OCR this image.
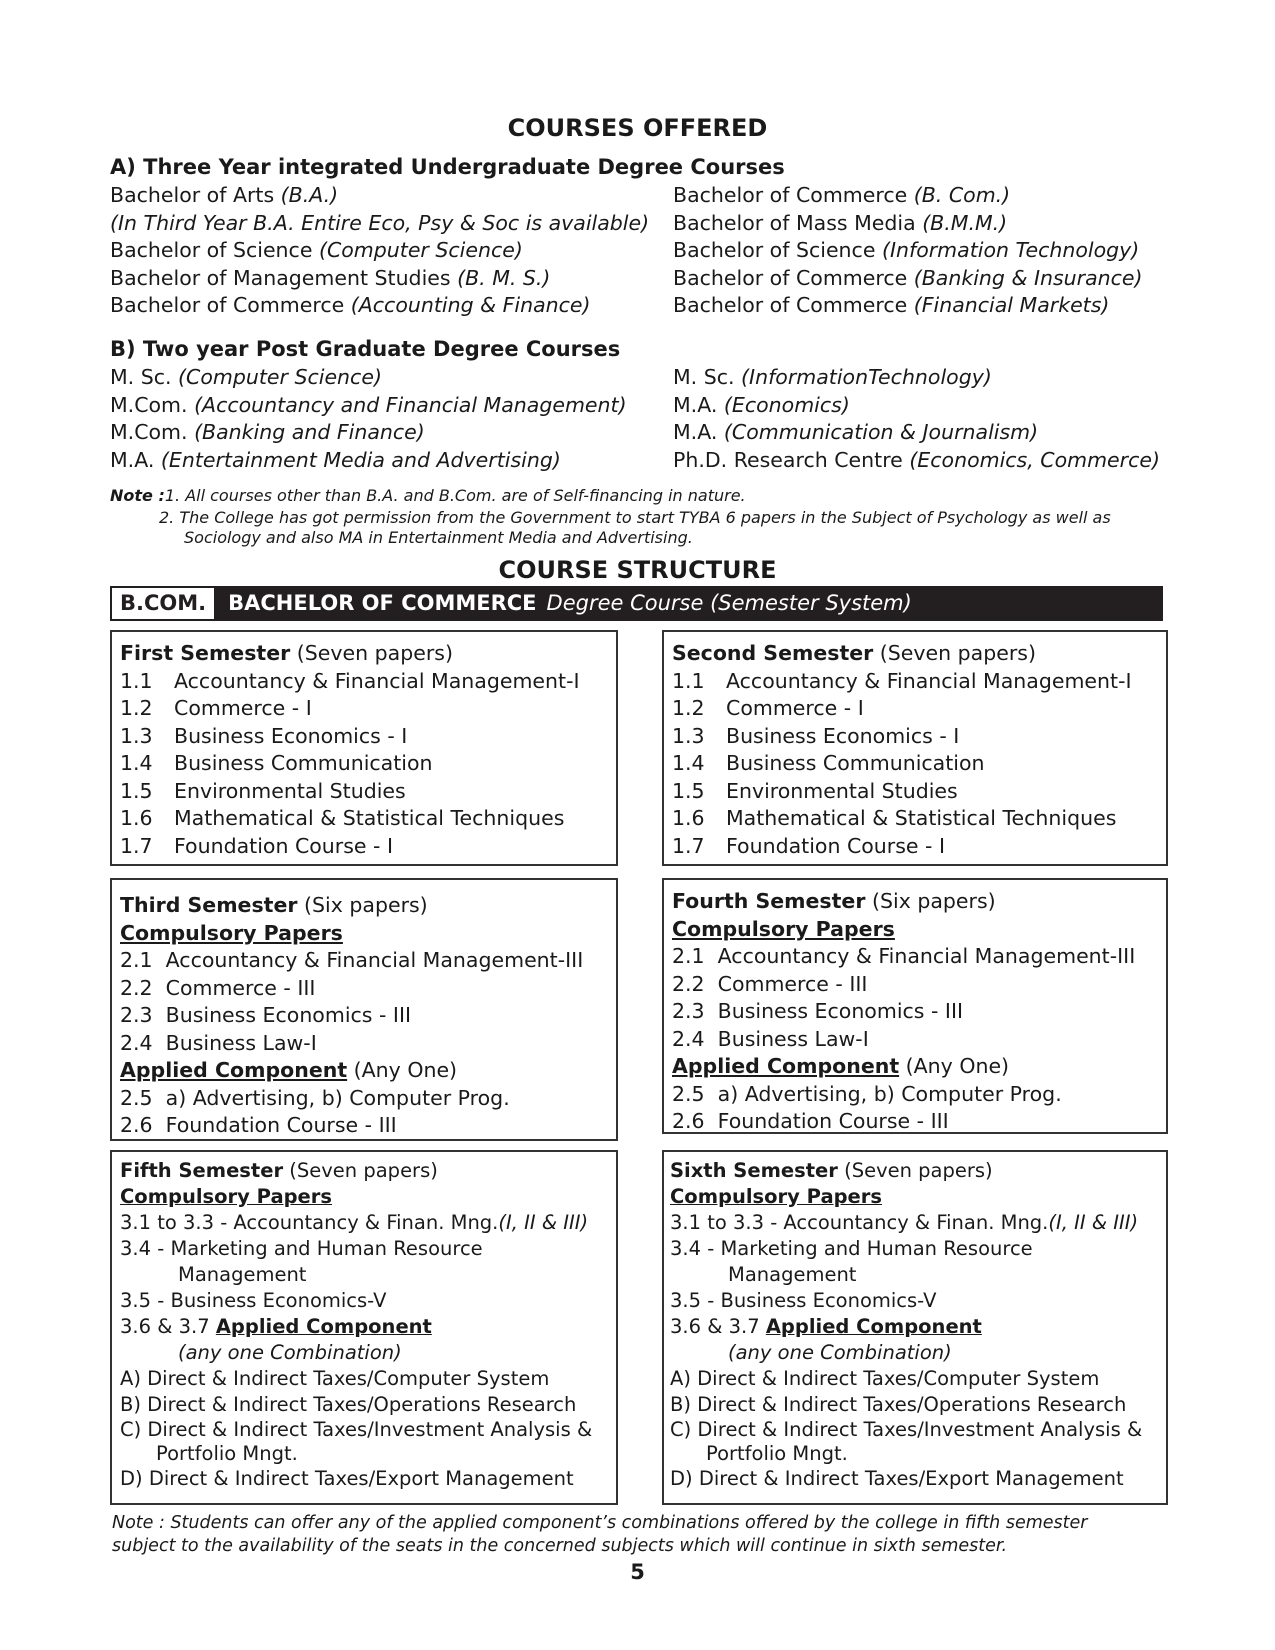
COURSES OFFERED
A) Three Year integrated Undergraduate Degree Courses
Bachelor of Arts (B.A.)
(In Third Year B.A. Entire Eco, Psy & Soc is available)
Bachelor of Science (Computer Science)
Bachelor of Management Studies (B. M. S.)
Bachelor of Commerce (Accounting & Finance)
Bachelor of Commerce (B. Com.)
Bachelor of Mass Media (B.M.M.)
Bachelor of Science (Information Technology)
Bachelor of Commerce (Banking & Insurance)
Bachelor of Commerce (Financial Markets)
B) Two year Post Graduate Degree Courses
M. Sc. (Computer Science)
M.Com. (Accountancy and Financial Management)
M.Com. (Banking and Finance)
M.A. (Entertainment Media and Advertising)
M. Sc. (InformationTechnology)
M.A. (Economics)
M.A. (Communication & Journalism)
Ph.D. Research Centre (Economics, Commerce)
Note :1. All courses other than B.A. and B.Com. are of Self-financing in nature.
2. The College has got permission from the Government to start TYBA 6 papers in the Subject of Psychology as well as
Sociology and also MA in Entertainment Media and Advertising.
COURSE STRUCTURE
B.COM. BACHELOR OF COMMERCE Degree Course (Semester System)
First Semester (Seven papers)
1.1 Accountancy & Financial Management-I
1.2 Commerce - I
1.3 Business Economics - I
1.4 Business Communication
1.5 Environmental Studies
1.6 Mathematical & Statistical Techniques
1.7 Foundation Course - I
Second Semester (Seven papers)
1.1 Accountancy & Financial Management-I
1.2 Commerce - I
1.3 Business Economics - I
1.4 Business Communication
1.5 Environmental Studies
1.6 Mathematical & Statistical Techniques
1.7 Foundation Course - I
Third Semester (Six papers)
Compulsory Papers
2.1  Accountancy & Financial Management-III
2.2  Commerce - III
2.3  Business Economics - III
2.4  Business Law-I
Applied Component (Any One)
2.5  a) Advertising, b) Computer Prog.
2.6  Foundation Course - III
Fourth Semester (Six papers)
Compulsory Papers
2.1  Accountancy & Financial Management-III
2.2  Commerce - III
2.3  Business Economics - III
2.4  Business Law-I
Applied Component (Any One)
2.5  a) Advertising, b) Computer Prog.
2.6  Foundation Course - III
Fifth Semester (Seven papers)
Compulsory Papers
3.1 to 3.3 - Accountancy & Finan. Mng.(I, II & III)
3.4 - Marketing and Human Resource
Management
3.5 - Business Economics-V
3.6 & 3.7 Applied Component
(any one Combination)
A) Direct & Indirect Taxes/Computer System
B) Direct & Indirect Taxes/Operations Research
C) Direct & Indirect Taxes/Investment Analysis &
Portfolio Mngt.
D) Direct & Indirect Taxes/Export Management
Sixth Semester (Seven papers)
Compulsory Papers
3.1 to 3.3 - Accountancy & Finan. Mng.(I, II & III)
3.4 - Marketing and Human Resource
Management
3.5 - Business Economics-V
3.6 & 3.7 Applied Component
(any one Combination)
A) Direct & Indirect Taxes/Computer System
B) Direct & Indirect Taxes/Operations Research
C) Direct & Indirect Taxes/Investment Analysis &
Portfolio Mngt.
D) Direct & Indirect Taxes/Export Management
Note : Students can offer any of the applied component’s combinations offered by the college in fifth semester
subject to the availability of the seats in the concerned subjects which will continue in sixth semester.
5
